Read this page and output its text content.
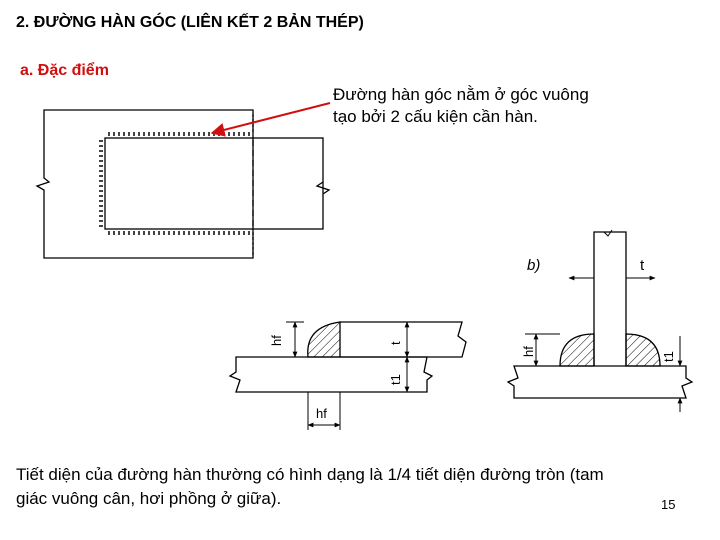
hf	t
t1
hf
b)	t
hf	t1
2. ĐƯỜNG HÀN GÓC (LIÊN KẾT 2 BẢN THÉP)
a. Đặc điểm
Đường hàn góc nằm ở góc vuông
tạo bởi 2 cấu kiện cần hàn.
Tiết diện của đường hàn thường có hình dạng là 1/4 tiết diện đường tròn (tam
giác vuông cân, hơi phồng ở giữa).	15
